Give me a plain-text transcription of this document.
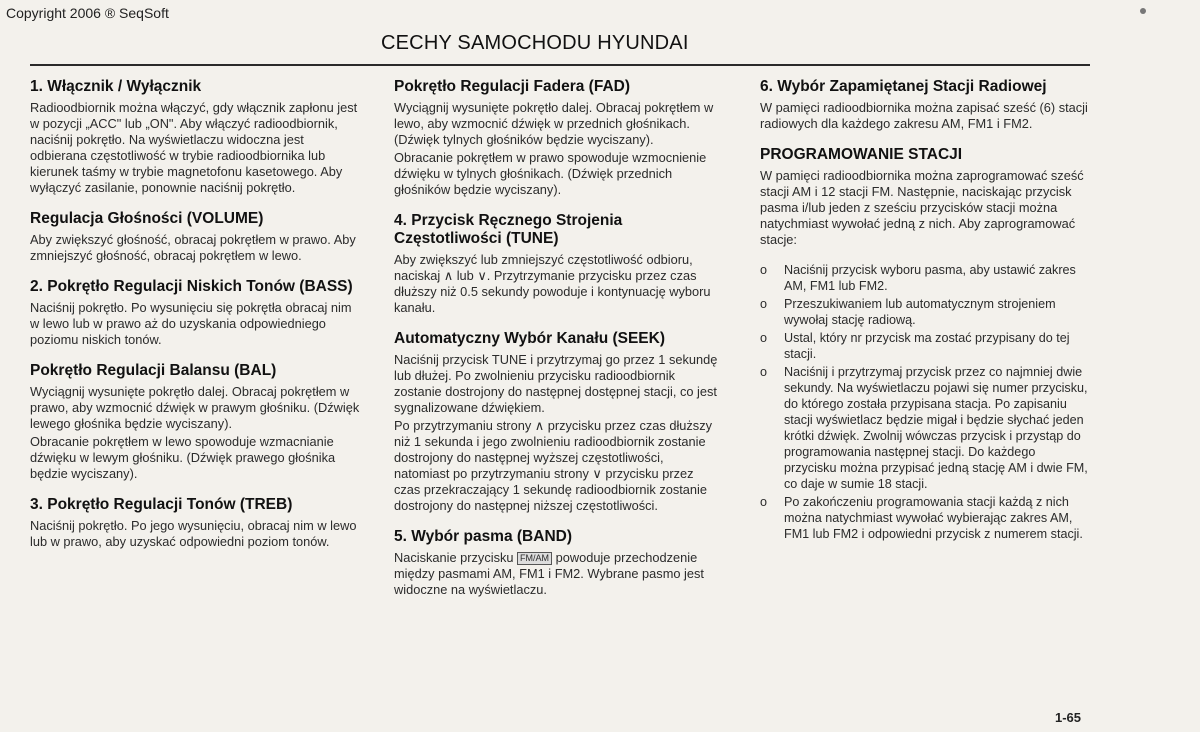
Copyright 2006 ® SeqSoft
CECHY SAMOCHODU HYUNDAI
1. Włącznik / Wyłącznik

Radioodbiornik można włączyć, gdy włącznik zapłonu jest w pozycji „ACC" lub „ON". Aby włączyć radioodbiornik, naciśnij pokrętło. Na wyświetlaczu widoczna jest odbierana częstotliwość w trybie radioodbiornika lub kierunek taśmy w trybie magnetofonu kasetowego. Aby wyłączyć zasilanie, ponownie naciśnij pokrętło.

Regulacja Głośności (VOLUME)

Aby zwiększyć głośność, obracaj pokrętłem w prawo. Aby zmniejszyć głośność, obracaj pokrętłem w lewo.

2. Pokrętło Regulacji Niskich Tonów (BASS)

Naciśnij pokrętło. Po wysunięciu się pokrętła obracaj nim w lewo lub w prawo aż do uzyskania odpowiedniego poziomu niskich tonów.

Pokrętło Regulacji Balansu (BAL)

Wyciągnij wysunięte pokrętło dalej. Obracaj pokrętłem w prawo, aby wzmocnić dźwięk w prawym głośniku. (Dźwięk lewego głośnika będzie wyciszany).

Obracanie pokrętłem w lewo spowoduje wzmacnianie dźwięku w lewym głośniku. (Dźwięk prawego głośnika będzie wyciszany).

3. Pokrętło Regulacji Tonów (TREB)

Naciśnij pokrętło. Po jego wysunięciu, obracaj nim w lewo lub w prawo, aby uzyskać odpowiedni poziom tonów.

Pokrętło Regulacji Fadera (FAD)

Wyciągnij wysunięte pokrętło dalej. Obracaj pokrętłem w lewo, aby wzmocnić dźwięk w przednich głośnikach. (Dźwięk tylnych głośników będzie wyciszany).

Obracanie pokrętłem w prawo spowoduje wzmocnienie dźwięku w tylnych głośnikach. (Dźwięk przednich głośników będzie wyciszany).

4. Przycisk Ręcznego Strojenia Częstotliwości (TUNE)

Aby zwiększyć lub zmniejszyć częstotliwość odbioru, naciskaj ∧ lub ∨. Przytrzymanie przycisku przez czas dłuższy niż 0.5 sekundy powoduje i kontynuację wyboru kanału.

Automatyczny Wybór Kanału (SEEK)

Naciśnij przycisk TUNE i przytrzymaj go przez 1 sekundę lub dłużej. Po zwolnieniu przycisku radioodbiornik zostanie dostrojony do następnej dostępnej stacji, co jest sygnalizowane dźwiękiem.

Po przytrzymaniu strony ∧ przycisku przez czas dłuższy niż 1 sekunda i jego zwolnieniu radioodbiornik zostanie dostrojony do następnej wyższej częstotliwości, natomiast po przytrzymaniu strony ∨ przycisku przez czas przekraczający 1 sekundę radioodbiornik zostanie dostrojony do następnej niższej częstotliwości.

5. Wybór pasma (BAND)

Naciskanie przycisku FM/AM powoduje przechodzenie między pasmami AM, FM1 i FM2. Wybrane pasmo jest widoczne na wyświetlaczu.

6. Wybór Zapamiętanej Stacji Radiowej

W pamięci radioodbiornika można zapisać sześć (6) stacji radiowych dla każdego zakresu AM, FM1 i FM2.

PROGRAMOWANIE STACJI

W pamięci radioodbiornika można zaprogramować sześć stacji AM i 12 stacji FM. Następnie, naciskając przycisk pasma i/lub jeden z sześciu przycisków stacji można natychmiast wywołać jedną z nich. Aby zaprogramować stacje:

o Naciśnij przycisk wyboru pasma, aby ustawić zakres AM, FM1 lub FM2.
o Przeszukiwaniem lub automatycznym strojeniem wywołaj stację radiową.
o Ustal, który nr przycisk ma zostać przypisany do tej stacji.
o Naciśnij i przytrzymaj przycisk przez co najmniej dwie sekundy. Na wyświetlaczu pojawi się numer przycisku, do którego została przypisana stacja. Po zapisaniu stacji wyświetlacz będzie migał i będzie słychać jeden krótki dźwięk. Zwolnij wówczas przycisk i przystąp do programowania następnej stacji. Do każdego przycisku można przypisać jedną stację AM i dwie FM, co daje w sumie 18 stacji.
o Po zakończeniu programowania stacji każdą z nich można natychmiast wywołać wybierając zakres AM, FM1 lub FM2 i odpowiedni przycisk z numerem stacji.
1-65
